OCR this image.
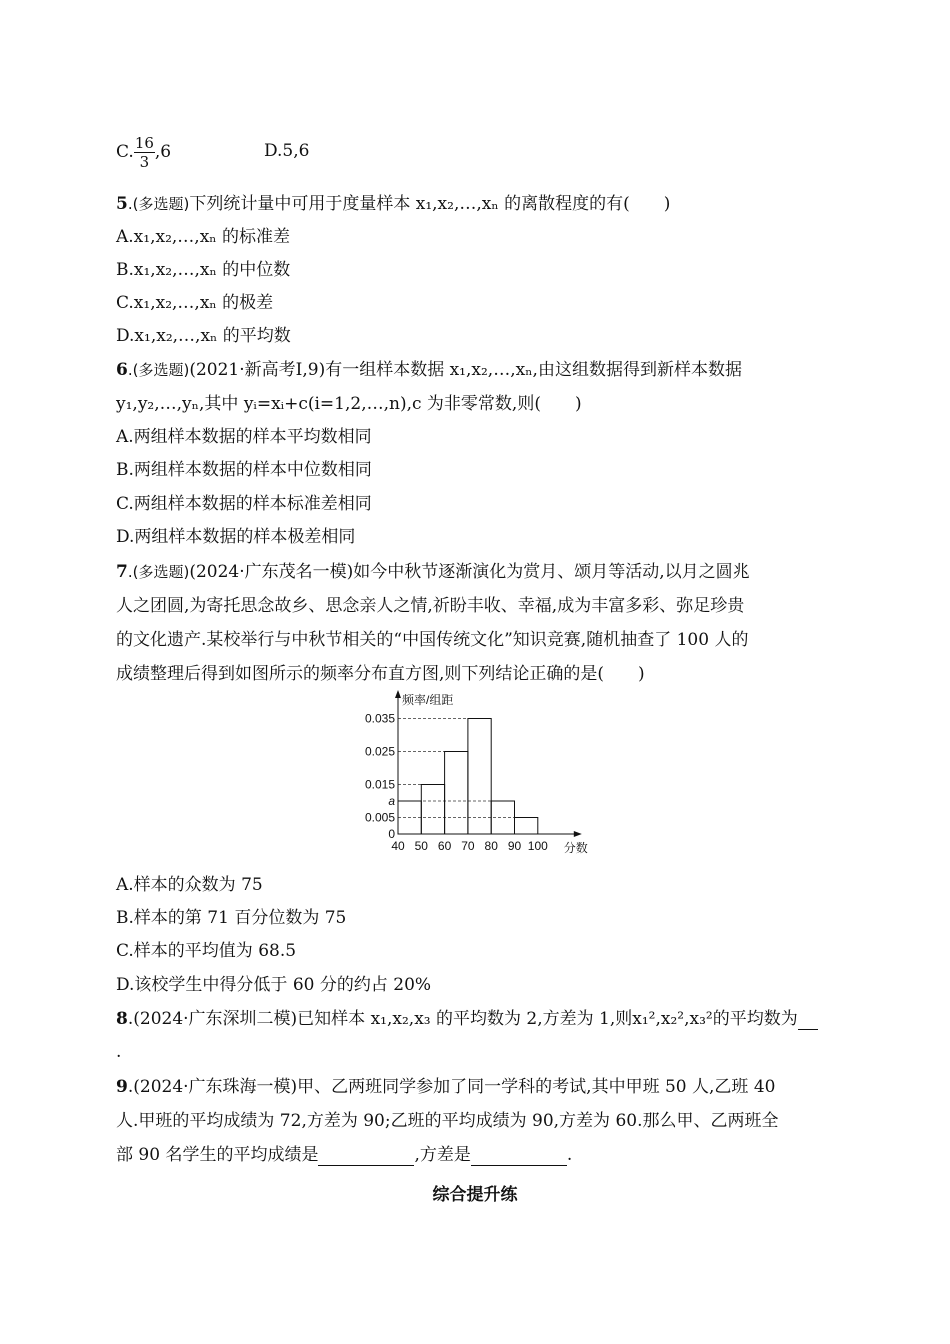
C. $\frac{16}{3} ,6$	D.5,6
5.(多选题)下列统计量中可用于度量样本 x₁,x₂,…,xₙ 的离散程度的有(　　)
A.x₁,x₂,…,xₙ 的标准差
B.x₁,x₂,…,xₙ 的中位数
C.x₁,x₂,…,xₙ 的极差
D.x₁,x₂,…,xₙ 的平均数
6.(多选题)(2021·新高考Ⅰ,9)有一组样本数据 x₁,x₂,…,xₙ,由这组数据得到新样本数据
y₁,y₂,…,yₙ,其中 yᵢ=xᵢ+c(i=1,2,…,n),c 为非零常数,则(　　)
A.两组样本数据的样本平均数相同
B.两组样本数据的样本中位数相同
C.两组样本数据的样本标准差相同
D.两组样本数据的样本极差相同
7.(多选题)(2024·广东茂名一模)如今中秋节逐渐演化为赏月、颂月等活动,以月之圆兆
人之团圆,为寄托思念故乡、思念亲人之情,祈盼丰收、幸福,成为丰富多彩、弥足珍贵
的文化遗产.某校举行与中秋节相关的“中国传统文化”知识竞赛,随机抽查了 100 人的
成绩整理后得到如图所示的频率分布直方图,则下列结论正确的是(　　)
0
0.005
a
0.015
0.025
0.035
40 50 60 70 80 90 100
频率/组距
分数
A.样本的众数为 75
B.样本的第 71 百分位数为 75
C.样本的平均值为 68.5
D.该校学生中得分低于 60 分的约占 20%
8.(2024·广东深圳二模)已知样本 x₁,x₂,x₃ 的平均数为 2,方差为 1,则x₁²,x₂²,x₃²的平均数为
.
9.(2024·广东珠海一模)甲、乙两班同学参加了同一学科的考试,其中甲班 50 人,乙班 40
人.甲班的平均成绩为 72,方差为 90;乙班的平均成绩为 90,方差为 60.那么甲、乙两班全
部 90 名学生的平均成绩是	,方差是	.
综合提升练
